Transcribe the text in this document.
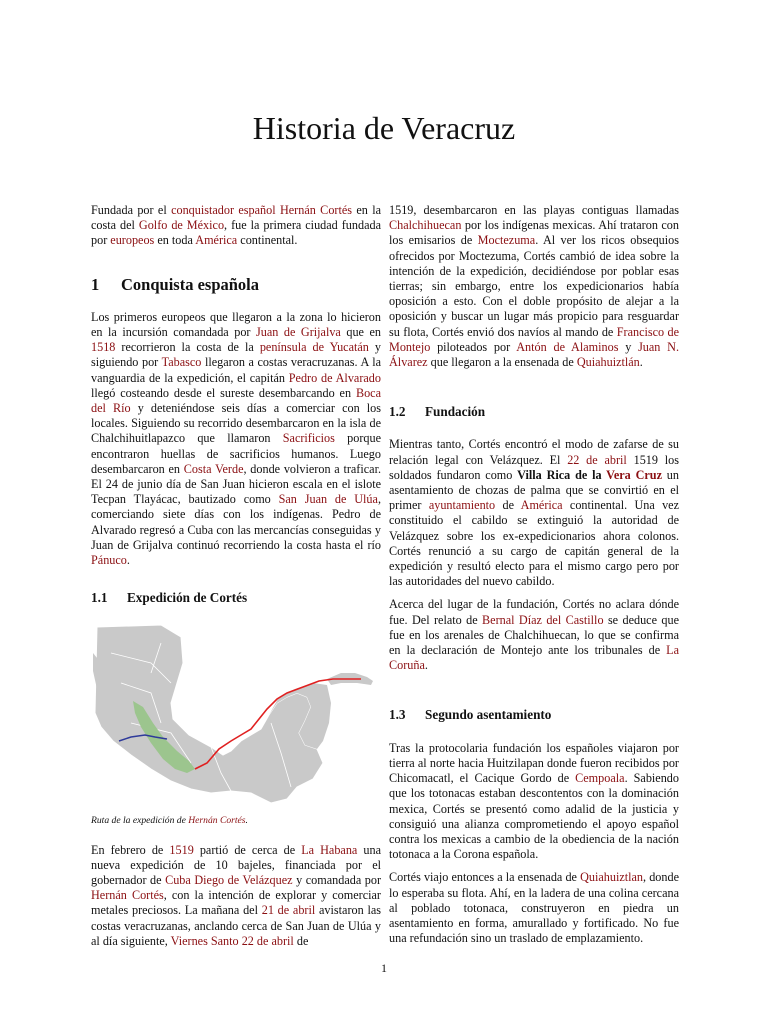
Historia de Veracruz

Fundada por el conquistador español Hernán Cortés en la costa del Golfo de México, fue la primera ciudad fundada por europeos en toda América continental.

1 Conquista española

Los primeros europeos que llegaron a la zona lo hicieron en la incursión comandada por Juan de Grijalva que en 1518 recorrieron la costa de la península de Yucatán y siguiendo por Tabasco llegaron a costas veracruzanas. A la vanguardia de la expedición, el capitán Pedro de Alvarado llegó costeando desde el sureste desembarcando en Boca del Río y deteniéndose seis días a comerciar con los locales. Siguiendo su recorrido desembarcaron en la isla de Chalchihuitlapazco que llamaron Sacrificios porque encontraron huellas de sacrificios humanos. Luego desembarcaron en Costa Verde, donde volvieron a traficar. El 24 de junio día de San Juan hicieron escala en el islote Tecpan Tlayácac, bautizado como San Juan de Ulúa, comerciando siete días con los indígenas. Pedro de Alvarado regresó a Cuba con las mercancías conseguidas y Juan de Grijalva continuó recorriendo la costa hasta el río Pánuco.

1.1 Expedición de Cortés
Ruta de la expedición de Hernán Cortés.

En febrero de 1519 partió de cerca de La Habana una nueva expedición de 10 bajeles, financiada por el gobernador de Cuba Diego de Velázquez y comandada por Hernán Cortés, con la intención de explorar y comerciar metales preciosos. La mañana del 21 de abril avistaron las costas veracruzanas, anclando cerca de San Juan de Ulúa y al día siguiente, Viernes Santo 22 de abril de

1519, desembarcaron en las playas contiguas llamadas Chalchihuecan por los indígenas mexicas. Ahí trataron con los emisarios de Moctezuma. Al ver los ricos obsequios ofrecidos por Moctezuma, Cortés cambió de idea sobre la intención de la expedición, decidiéndose por poblar esas tierras; sin embargo, entre los expedicionarios había oposición a esto. Con el doble propósito de alejar a la oposición y buscar un lugar más propicio para resguardar su flota, Cortés envió dos navíos al mando de Francisco de Montejo piloteados por Antón de Alaminos y Juan N. Álvarez que llegaron a la ensenada de Quiahuiztlán.

1.2 Fundación

Mientras tanto, Cortés encontró el modo de zafarse de su relación legal con Velázquez. El 22 de abril 1519 los soldados fundaron como Villa Rica de la Vera Cruz un asentamiento de chozas de palma que se convirtió en el primer ayuntamiento de América continental. Una vez constituido el cabildo se extinguió la autoridad de Velázquez sobre los ex-expedicionarios ahora colonos. Cortés renunció a su cargo de capitán general de la expedición y resultó electo para el mismo cargo pero por las autoridades del nuevo cabildo.

Acerca del lugar de la fundación, Cortés no aclara dónde fue. Del relato de Bernal Díaz del Castillo se deduce que fue en los arenales de Chalchihuecan, lo que se confirma en la declaración de Montejo ante los tribunales de La Coruña.

1.3 Segundo asentamiento

Tras la protocolaria fundación los españoles viajaron por tierra al norte hacia Huitzilapan donde fueron recibidos por Chicomacatl, el Cacique Gordo de Cempoala. Sabiendo que los totonacas estaban descontentos con la dominación mexica, Cortés se presentó como adalid de la justicia y consiguió una alianza comprometiendo el apoyo español contra los mexicas a cambio de la obediencia de la nación totonaca a la Corona española.

Cortés viajo entonces a la ensenada de Quiahuiztlan, donde lo esperaba su flota. Ahí, en la ladera de una colina cercana al poblado totonaca, construyeron en piedra un asentamiento en forma, amurallado y fortificado. No fue una refundación sino un traslado de emplazamiento.

1
